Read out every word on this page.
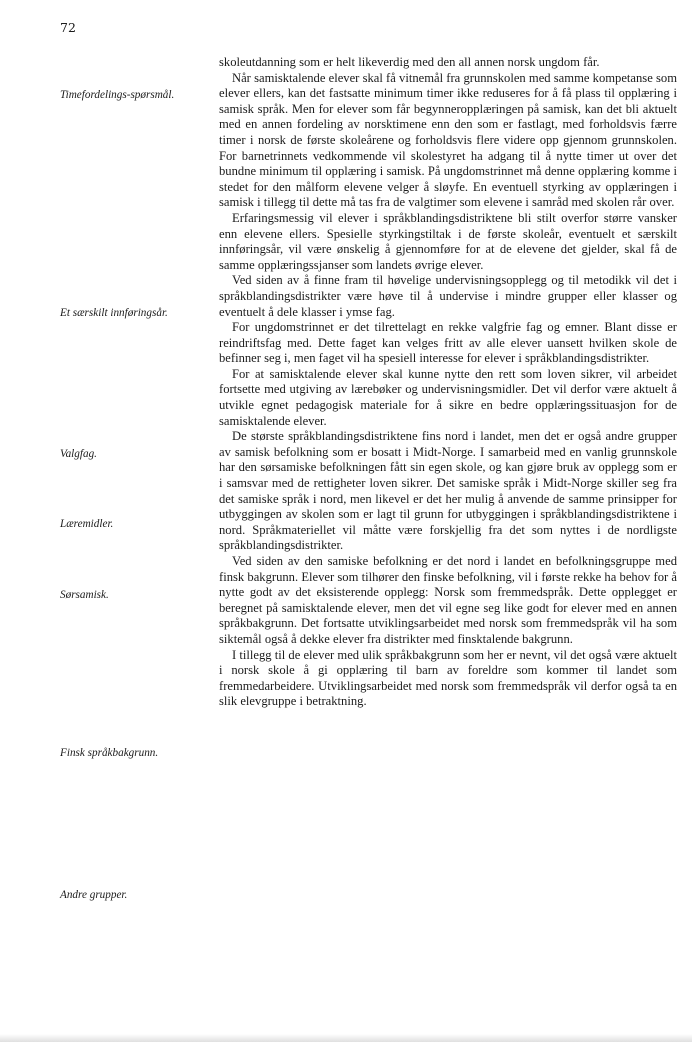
72
Timefordelings-spørsmål.
Et særskilt innføringsår.
Valgfag.
Læremidler.
Sørsamisk.
Finsk språkbakgrunn.
Andre grupper.

skoleutdanning som er helt likeverdig med den all annen norsk ungdom får.

Når samisktalende elever skal få vitnemål fra grunnskolen med samme kompetanse som elever ellers, kan det fastsatte minimum timer ikke reduseres for å få plass til opplæring i samisk språk. Men for elever som får begynneropplæringen på samisk, kan det bli aktuelt med en annen fordeling av norsktimene enn den som er fastlagt, med forholdsvis færre timer i norsk de første skoleårene og forholdsvis flere videre opp gjennom grunnskolen. For barnetrinnets vedkommende vil skolestyret ha adgang til å nytte timer ut over det bundne minimum til opplæring i samisk. På ungdomstrinnet må denne opplæring komme i stedet for den målform elevene velger å sløyfe. En eventuell styrking av opplæringen i samisk i tillegg til dette må tas fra de valgtimer som elevene i samråd med skolen rår over.

Erfaringsmessig vil elever i språkblandingsdistriktene bli stilt overfor større vansker enn elevene ellers. Spesielle styrkingstiltak i de første skoleår, eventuelt et særskilt innføringsår, vil være ønskelig å gjennomføre for at de elevene det gjelder, skal få de samme opplæringssjanser som landets øvrige elever.

Ved siden av å finne fram til høvelige undervisningsopplegg og til metodikk vil det i språkblandingsdistrikter være høve til å undervise i mindre grupper eller klasser og eventuelt å dele klasser i ymse fag.

For ungdomstrinnet er det tilrettelagt en rekke valgfrie fag og emner. Blant disse er reindriftsfag med. Dette faget kan velges fritt av alle elever uansett hvilken skole de befinner seg i, men faget vil ha spesiell interesse for elever i språkblandingsdistrikter.

For at samisktalende elever skal kunne nytte den rett som loven sikrer, vil arbeidet fortsette med utgiving av lærebøker og undervisningsmidler. Det vil derfor være aktuelt å utvikle egnet pedagogisk materiale for å sikre en bedre opplæringssituasjon for de samisktalende elever.

De største språkblandingsdistriktene fins nord i landet, men det er også andre grupper av samisk befolkning som er bosatt i Midt-Norge. I samarbeid med en vanlig grunnskole har den sørsamiske befolkningen fått sin egen skole, og kan gjøre bruk av opplegg som er i samsvar med de rettigheter loven sikrer. Det samiske språk i Midt-Norge skiller seg fra det samiske språk i nord, men likevel er det her mulig å anvende de samme prinsipper for utbyggingen av skolen som er lagt til grunn for utbyggingen i språkblandingsdistriktene i nord. Språkmateriellet vil måtte være forskjellig fra det som nyttes i de nordligste språkblandingsdistrikter.

Ved siden av den samiske befolkning er det nord i landet en befolkningsgruppe med finsk bakgrunn. Elever som tilhører den finske befolkning, vil i første rekke ha behov for å nytte godt av det eksisterende opplegg: Norsk som fremmedspråk. Dette opplegget er beregnet på samisktalende elever, men det vil egne seg like godt for elever med en annen språkbakgrunn. Det fortsatte utviklingsarbeidet med norsk som fremmedspråk vil ha som siktemål også å dekke elever fra distrikter med finsktalende bakgrunn.

I tillegg til de elever med ulik språkbakgrunn som her er nevnt, vil det også være aktuelt i norsk skole å gi opplæring til barn av foreldre som kommer til landet som fremmedarbeidere. Utviklingsarbeidet med norsk som fremmedspråk vil derfor også ta en slik elevgruppe i betraktning.
